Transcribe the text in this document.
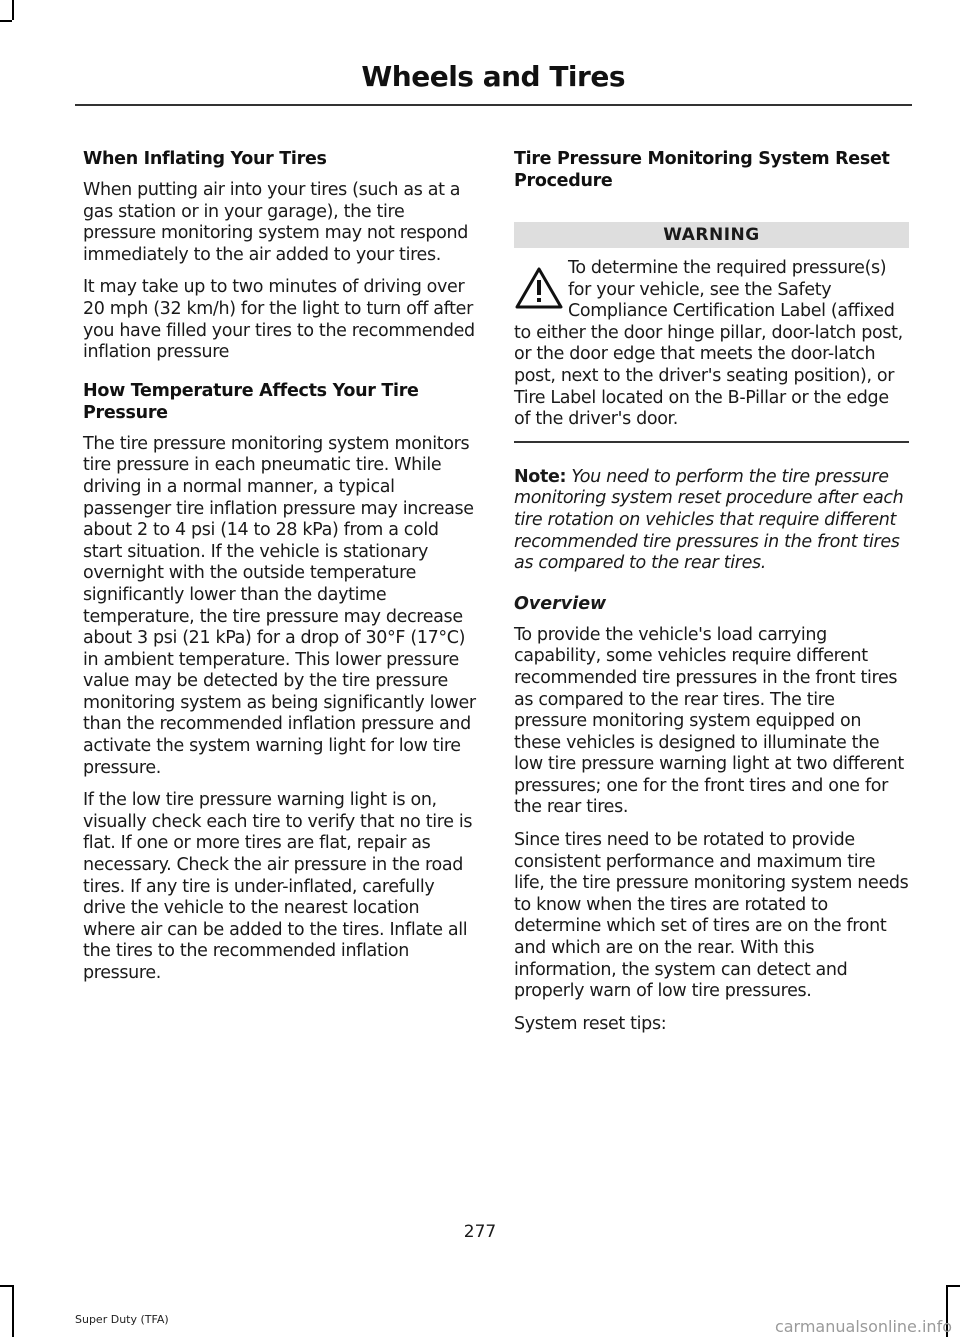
Wheels and Tires
When Inflating Your Tires

When putting air into your tires (such as at a gas station or in your garage), the tire pressure monitoring system may not respond immediately to the air added to your tires.

It may take up to two minutes of driving over 20 mph (32 km/h) for the light to turn off after you have filled your tires to the recommended inflation pressure

How Temperature Affects Your Tire Pressure

The tire pressure monitoring system monitors tire pressure in each pneumatic tire. While driving in a normal manner, a typical passenger tire inflation pressure may increase about 2 to 4 psi (14 to 28 kPa) from a cold start situation. If the vehicle is stationary overnight with the outside temperature significantly lower than the daytime temperature, the tire pressure may decrease about 3 psi (21 kPa) for a drop of 30°F (17°C) in ambient temperature. This lower pressure value may be detected by the tire pressure monitoring system as being significantly lower than the recommended inflation pressure and activate the system warning light for low tire pressure.

If the low tire pressure warning light is on, visually check each tire to verify that no tire is flat. If one or more tires are flat, repair as necessary. Check the air pressure in the road tires. If any tire is under-inflated, carefully drive the vehicle to the nearest location where air can be added to the tires. Inflate all the tires to the recommended inflation pressure.

Tire Pressure Monitoring System Reset Procedure
WARNING

To determine the required pressure(s) for your vehicle, see the Safety Compliance Certification Label (affixed to either the door hinge pillar, door-latch post, or the door edge that meets the door-latch post, next to the driver's seating position), or Tire Label located on the B-Pillar or the edge of the driver's door.

Note: You need to perform the tire pressure monitoring system reset procedure after each tire rotation on vehicles that require different recommended tire pressures in the front tires as compared to the rear tires.

Overview

To provide the vehicle's load carrying capability, some vehicles require different recommended tire pressures in the front tires as compared to the rear tires. The tire pressure monitoring system equipped on these vehicles is designed to illuminate the low tire pressure warning light at two different pressures; one for the front tires and one for the rear tires.

Since tires need to be rotated to provide consistent performance and maximum tire life, the tire pressure monitoring system needs to know when the tires are rotated to determine which set of tires are on the front and which are on the rear. With this information, the system can detect and properly warn of low tire pressures.

System reset tips:

277
Super Duty (TFA)	carmanualsonline.info
